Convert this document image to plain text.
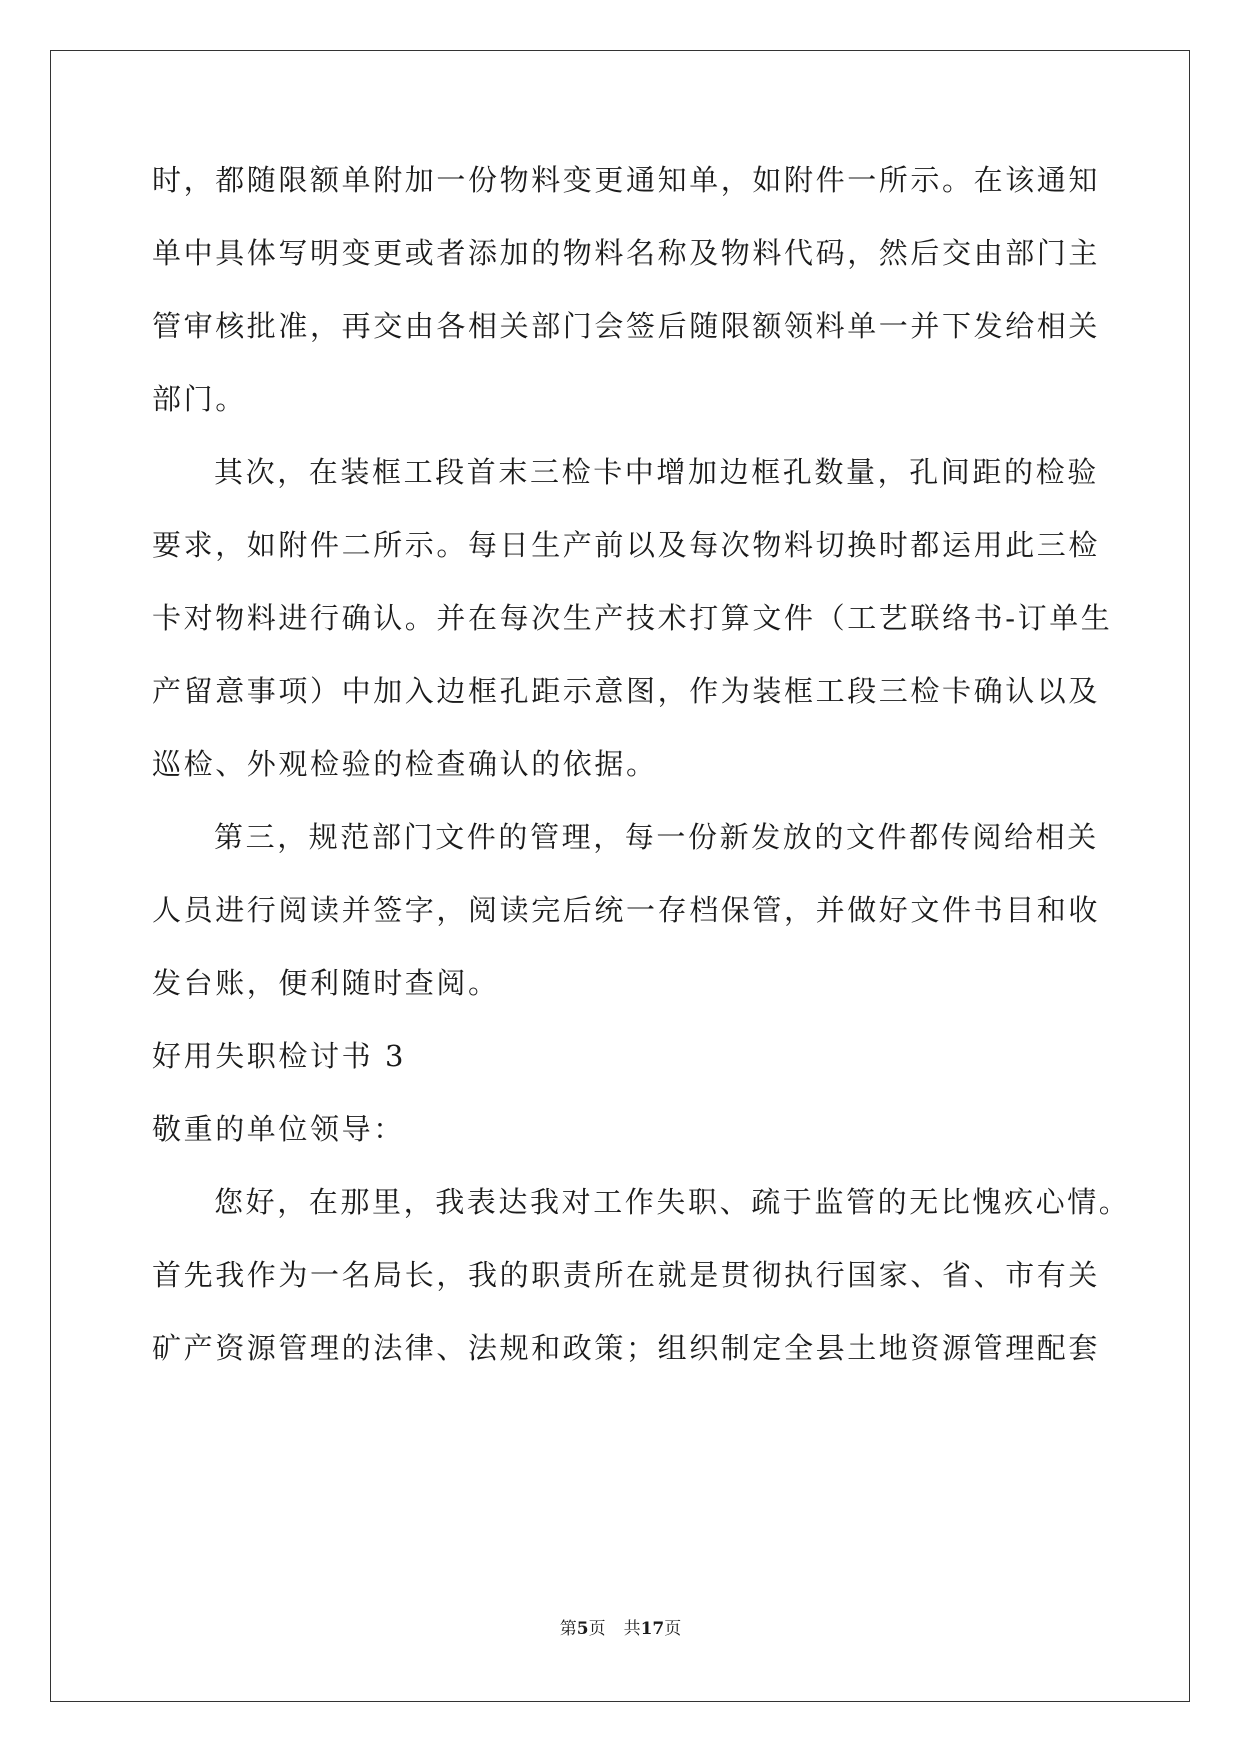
时，都随限额单附加一份物料变更通知单，如附件一所示。在该通知
单中具体写明变更或者添加的物料名称及物料代码，然后交由部门主
管审核批准，再交由各相关部门会签后随限额领料单一并下发给相关
部门。
其次，在装框工段首末三检卡中增加边框孔数量，孔间距的检验
要求，如附件二所示。每日生产前以及每次物料切换时都运用此三检
卡对物料进行确认。并在每次生产技术打算文件（工艺联络书-订单生
产留意事项）中加入边框孔距示意图，作为装框工段三检卡确认以及
巡检、外观检验的检查确认的依据。
第三，规范部门文件的管理，每一份新发放的文件都传阅给相关
人员进行阅读并签字，阅读完后统一存档保管，并做好文件书目和收
发台账，便利随时查阅。
好用失职检讨书 3
敬重的单位领导：
您好，在那里，我表达我对工作失职、疏于监管的无比愧疚心情。
首先我作为一名局长，我的职责所在就是贯彻执行国家、省、市有关
矿产资源管理的法律、法规和政策；组织制定全县土地资源管理配套
第5页 共17页
